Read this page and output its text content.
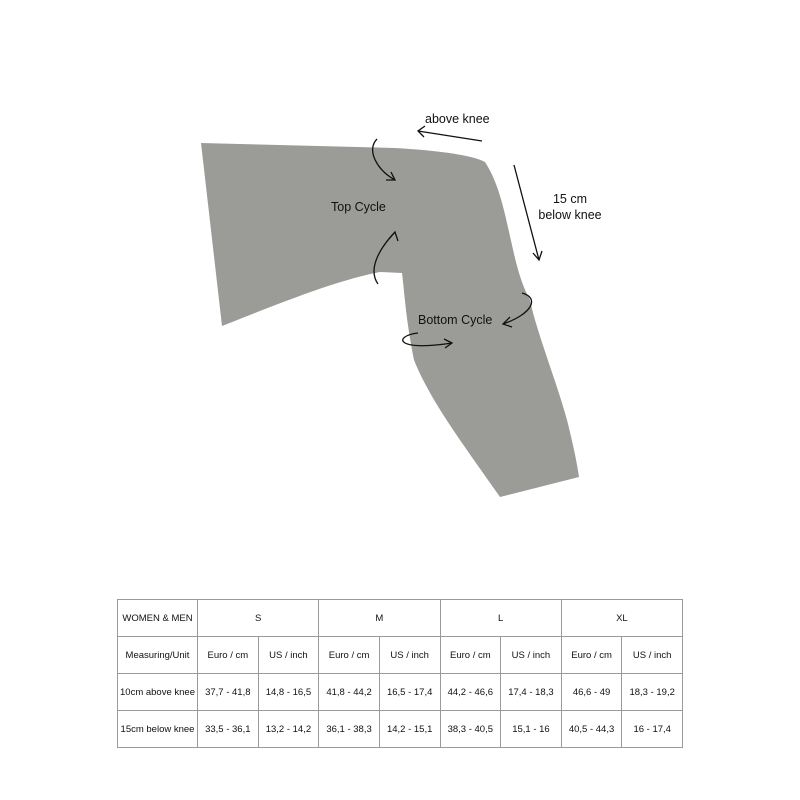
above knee
15 cm
below knee
Top Cycle
Bottom Cycle
WOMEN & MEN	S		M		L		XL	
Measuring/Unit	Euro / cm	US / inch	Euro / cm	US / inch	Euro / cm	US / inch	Euro / cm	US / inch
10cm above knee	37,7 - 41,8	14,8 - 16,5	41,8 - 44,2	16,5 - 17,4	44,2 - 46,6	17,4 - 18,3	46,6 - 49	18,3 - 19,2
15cm below knee	33,5 - 36,1	13,2 - 14,2	36,1 - 38,3	14,2 - 15,1	38,3 - 40,5	15,1 - 16	40,5 - 44,3	16 - 17,4
